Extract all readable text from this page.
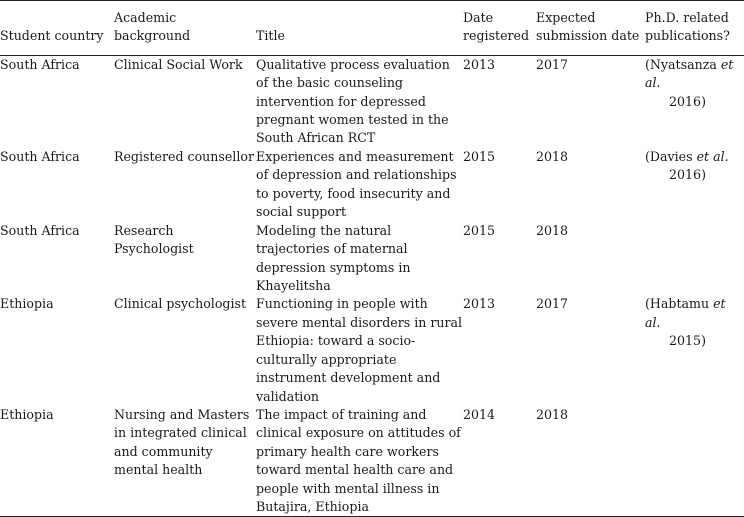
Student country	Academic background	Title	Date registered	Expected submission date	Ph.D. related publications?
South Africa	Clinical Social Work	Qualitative process evaluation of the basic counseling intervention for depressed pregnant women tested in the South African RCT	2013	2017	(Nyatsanza et al.
2016)

South Africa	Registered counsellor	Experiences and measurement of depression and relationships to poverty, food insecurity and social support	2015	2018	(Davies et al.
2016)

South Africa	Research Psychologist	Modeling the natural trajectories of maternal depression symptoms in Khayelitsha	2015	2018	
Ethiopia	Clinical psychologist	Functioning in people with severe mental disorders in rural Ethiopia: toward a socio-culturally appropriate instrument development and validation	2013	2017	(Habtamu et al.
2015)

Ethiopia	Nursing and Masters in integrated clinical and community mental health	The impact of training and clinical exposure on attitudes of primary health care workers toward mental health care and people with mental illness in Butajira, Ethiopia	2014	2018	
